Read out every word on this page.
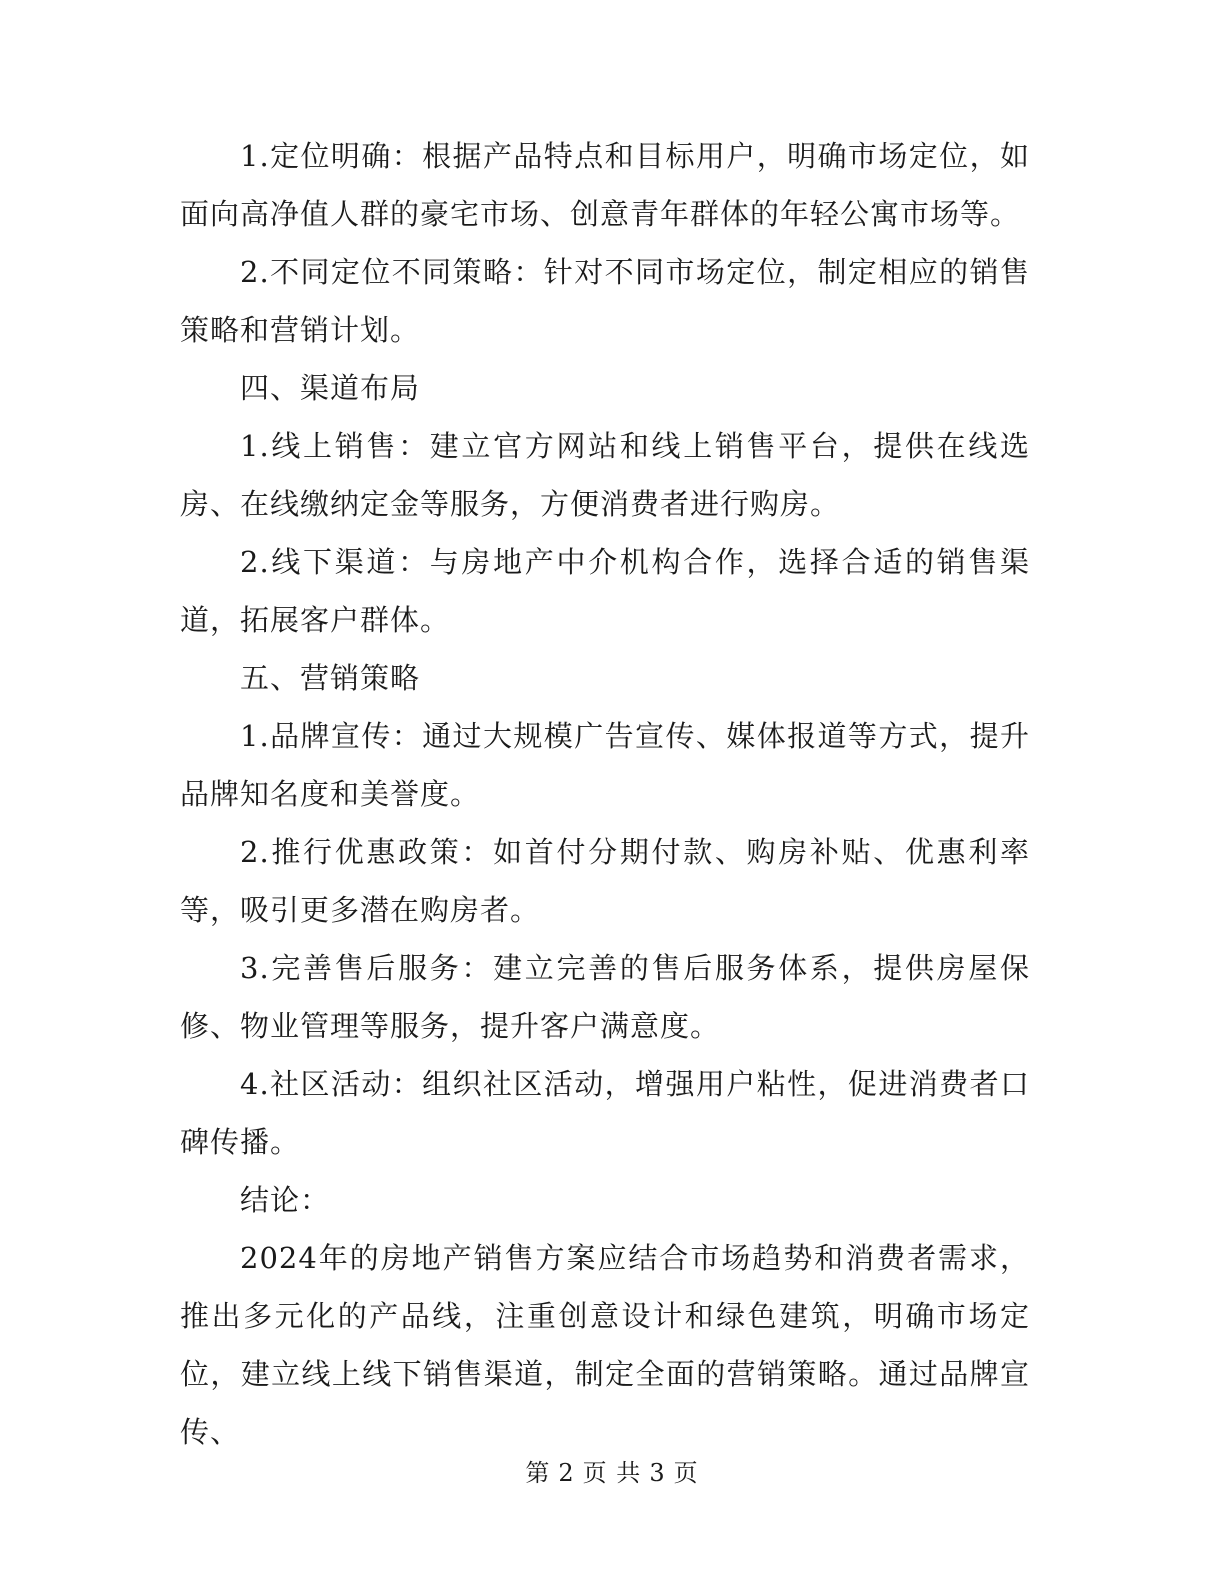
1.定位明确：根据产品特点和目标用户，明确市场定位，如面向高净值人群的豪宅市场、创意青年群体的年轻公寓市场等。

2.不同定位不同策略：针对不同市场定位，制定相应的销售策略和营销计划。

四、渠道布局

1.线上销售：建立官方网站和线上销售平台，提供在线选房、在线缴纳定金等服务，方便消费者进行购房。

2.线下渠道：与房地产中介机构合作，选择合适的销售渠道，拓展客户群体。

五、营销策略

1.品牌宣传：通过大规模广告宣传、媒体报道等方式，提升品牌知名度和美誉度。

2.推行优惠政策：如首付分期付款、购房补贴、优惠利率等，吸引更多潜在购房者。

3.完善售后服务：建立完善的售后服务体系，提供房屋保修、物业管理等服务，提升客户满意度。

4.社区活动：组织社区活动，增强用户粘性，促进消费者口碑传播。

结论：

2024年的房地产销售方案应结合市场趋势和消费者需求，推出多元化的产品线，注重创意设计和绿色建筑，明确市场定位，建立线上线下销售渠道，制定全面的营销策略。通过品牌宣传、

第 2 页 共 3 页
